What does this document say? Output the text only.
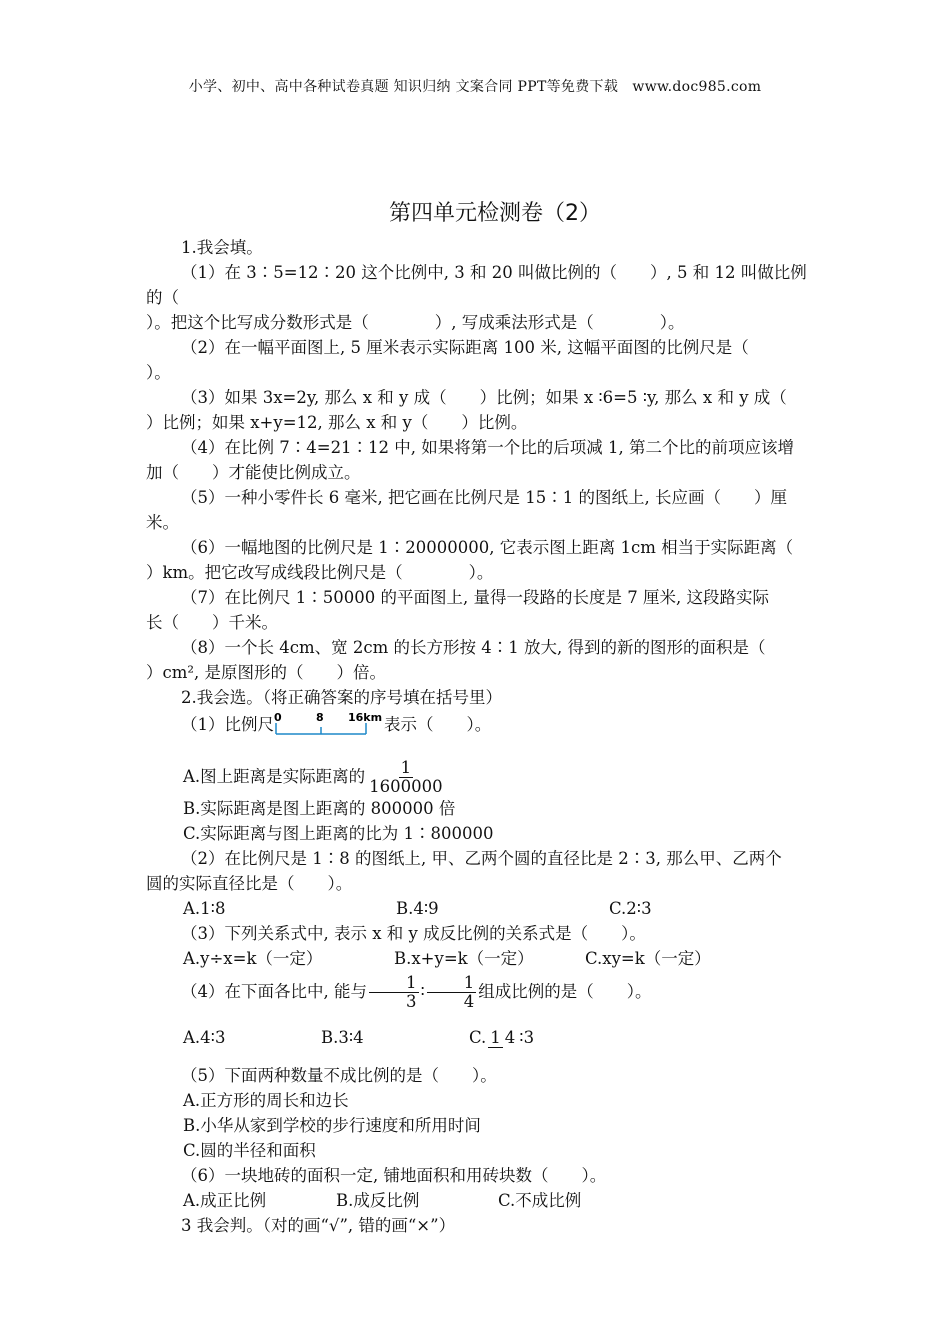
小学、初中、高中各种试卷真题 知识归纳 文案合同 PPT等免费下载　www.doc985.com
第四单元检测卷（2）

1.我会填。

（1）在 3∶5=12∶20 这个比例中, 3 和 20 叫做比例的（　　）, 5 和 12 叫做比例的（

）。把这个比写成分数形式是（　　　　）, 写成乘法形式是（　　　　）。

（2）在一幅平面图上, 5 厘米表示实际距离 100 米, 这幅平面图的比例尺是（

）。

（3）如果 3x=2y, 那么 x 和 y 成（　　）比例；如果 x ∶6=5 ∶y, 那么 x 和 y 成（

）比例；如果 x+y=12, 那么 x 和 y（　　）比例。

（4）在比例 7∶4=21∶12 中, 如果将第一个比的后项减 1, 第二个比的前项应该增

加（　　）才能使比例成立。

（5）一种小零件长 6 毫米, 把它画在比例尺是 15∶1 的图纸上, 长应画（　　）厘

米。

（6）一幅地图的比例尺是 1∶20000000, 它表示图上距离 1cm 相当于实际距离（

）km。把它改写成线段比例尺是（　　　　）。

（7）在比例尺 1∶50000 的平面图上, 量得一段路的长度是 7 厘米, 这段路实际

长（　　）千米。

（8）一个长 4cm、宽 2cm 的长方形按 4∶1 放大, 得到的新的图形的面积是（

）cm², 是原图形的（　　）倍。

2.我会选。（将正确答案的序号填在括号里）

（1）比例尺 0	8 16km 表示（　　）。

A.图上距离是实际距离的 $\frac{1}{1600000}$

B.实际距离是图上距离的 800000 倍

C.实际距离与图上距离的比为 1∶800000

（2）在比例尺是 1∶8 的图纸上, 甲、乙两个圆的直径比是 2∶3, 那么甲、乙两个

圆的实际直径比是（　　）。

A.1∶8	B.4∶9	C.2∶3

（3）下列关系式中, 表示 x 和 y 成反比例的关系式是（　　）。

A.y÷x=k（一定）	B.x+y=k（一定）	C.xy=k（一定）

（4）在下面各比中, 能与 $\frac{1}{3}$ ∶ $\frac{1}{4}$ 组成比例的是（　　）。

A.4∶3	B.3∶4	C. 1 4 ∶3

（5）下面两种数量不成比例的是（　　）。

A.正方形的周长和边长

B.小华从家到学校的步行速度和所用时间

C.圆的半径和面积

（6）一块地砖的面积一定, 铺地面积和用砖块数（　　）。

A.成正比例	B.成反比例	C.不成比例

3 我会判。（对的画“√”, 错的画“×”）
